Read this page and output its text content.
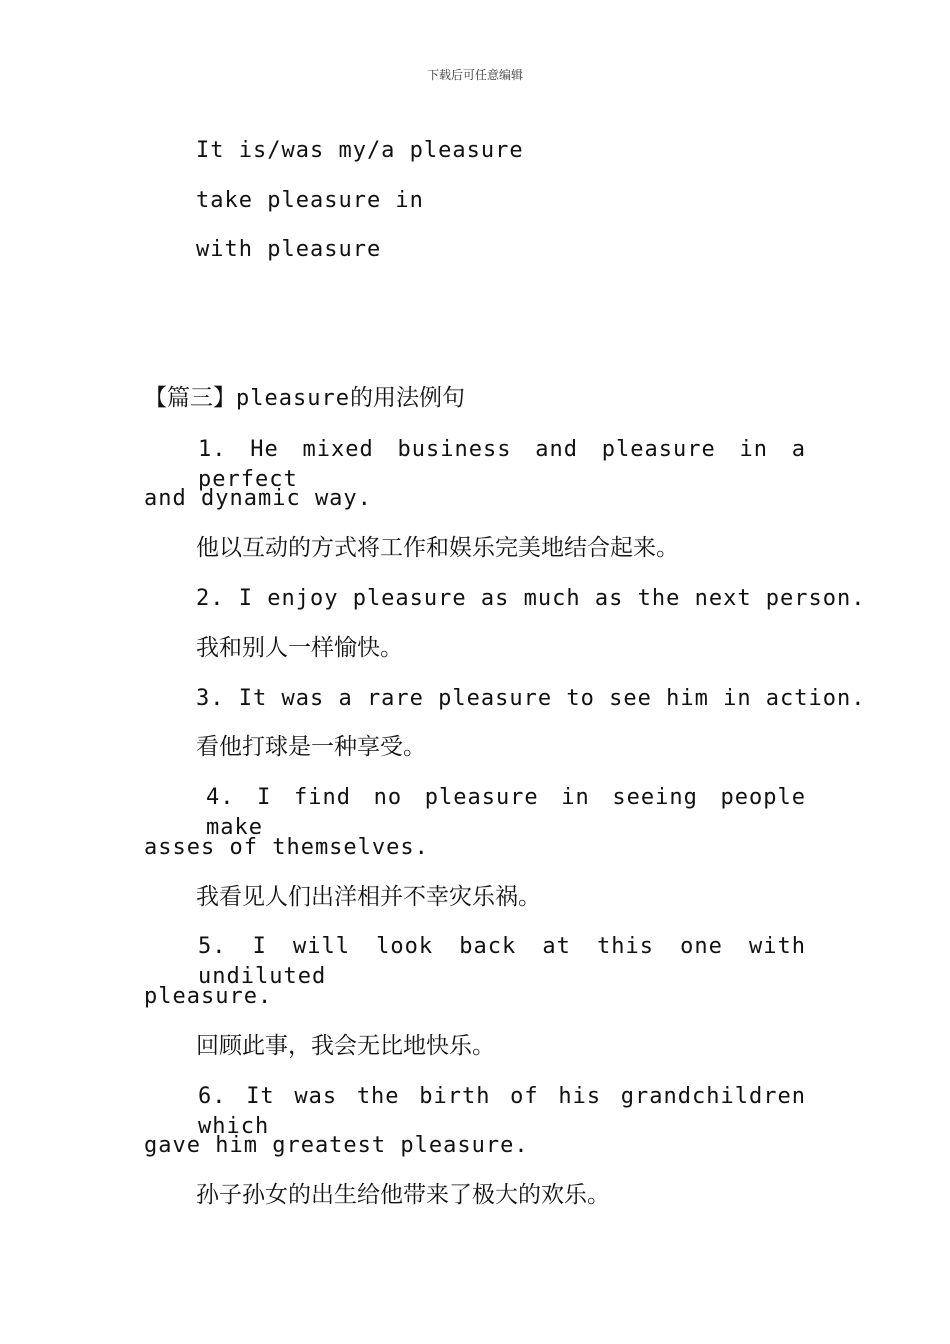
下载后可任意编辑
It is/was my/a pleasure
take pleasure in
with pleasure
【篇三】pleasure的用法例句
1. He mixed business and pleasure in a perfect
and dynamic way.
他以互动的方式将工作和娱乐完美地结合起来。
2. I enjoy pleasure as much as the next person.
我和别人一样愉快。
3. It was a rare pleasure to see him in action.
看他打球是一种享受。
4. I find no pleasure in seeing people make
asses of themselves.
我看见人们出洋相并不幸灾乐祸。
5. I will look back at this one with undiluted
pleasure.
回顾此事，我会无比地快乐。
6. It was the birth of his grandchildren which
gave him greatest pleasure.
孙子孙女的出生给他带来了极大的欢乐。
